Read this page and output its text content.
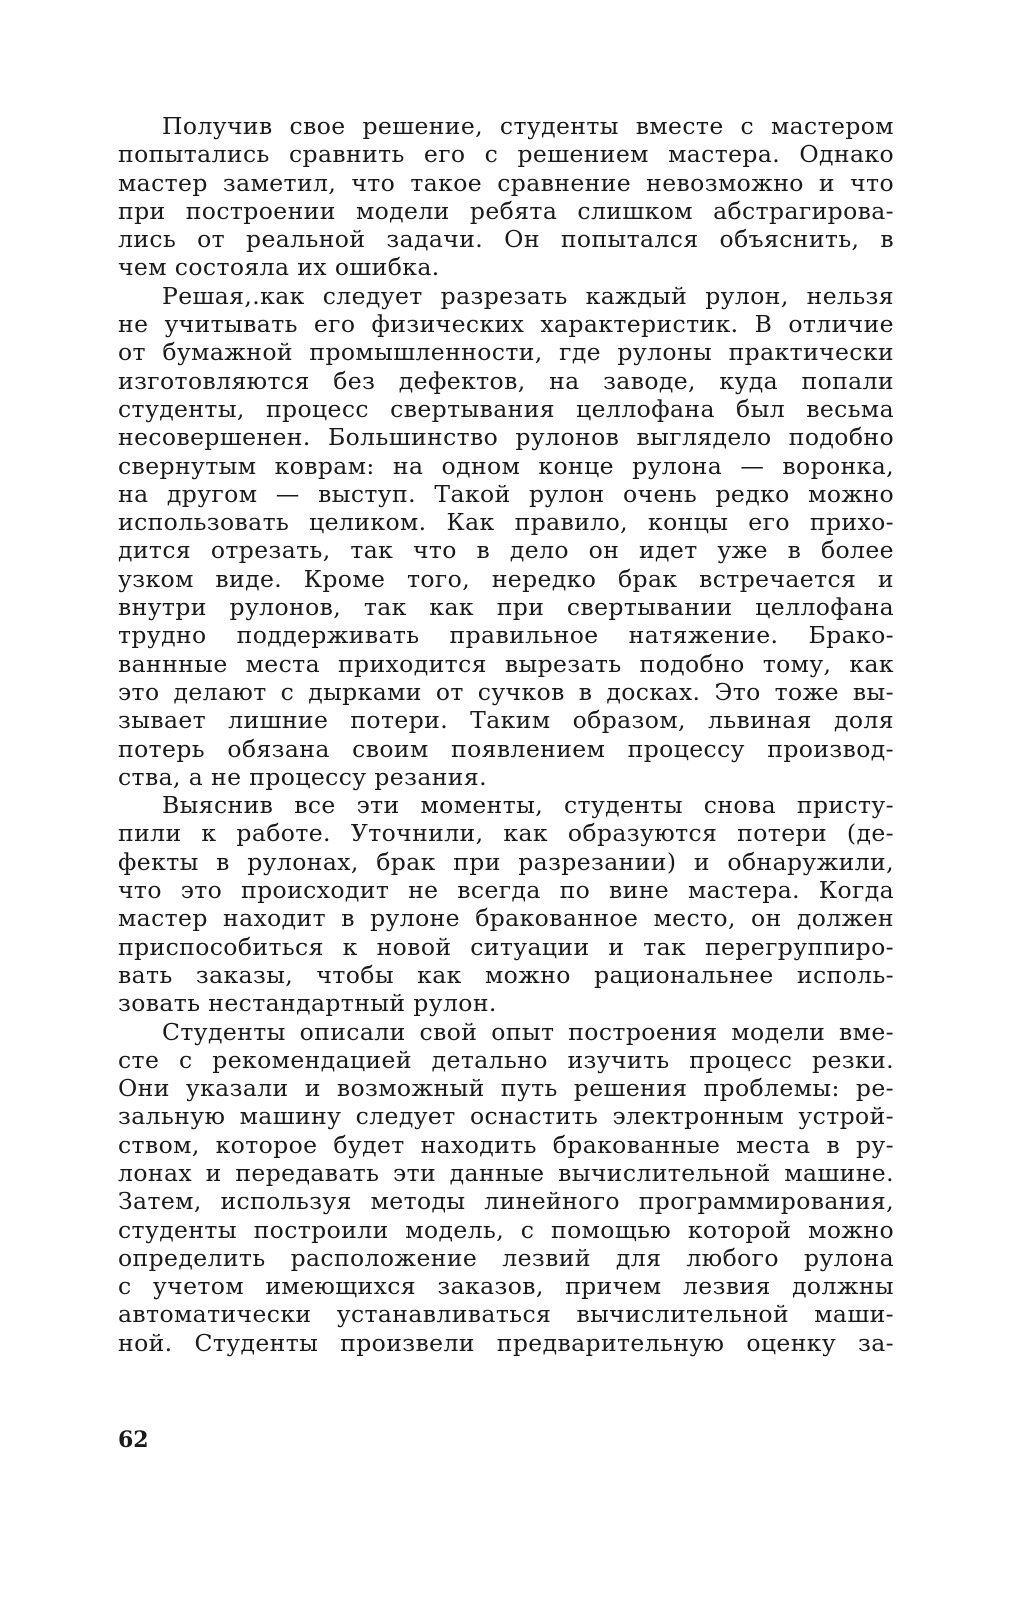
Получив свое решение, студенты вместе с мастером
попытались сравнить его с решением мастера. Однако
мастер заметил, что такое сравнение невозможно и что
при построении модели ребята слишком абстрагирова-
лись от реальной задачи. Он попытался объяснить, в
чем состояла их ошибка.
Решая,.как следует разрезать каждый рулон, нельзя
не учитывать его физических характеристик. В отличие
от бумажной промышленности, где рулоны практически
изготовляются без дефектов, на заводе, куда попали
студенты, процесс свертывания целлофана был весьма
несовершенен. Большинство рулонов выглядело подобно
свернутым коврам: на одном конце рулона — воронка,
на другом — выступ. Такой рулон очень редко можно
использовать целиком. Как правило, концы его прихо-
дится отрезать, так что в дело он идет уже в более
узком виде. Кроме того, нередко брак встречается и
внутри рулонов, так как при свертывании целлофана
трудно поддерживать правильное натяжение. Брако-
ваннные места приходится вырезать подобно тому, как
это делают с дырками от сучков в досках. Это тоже вы-
зывает лишние потери. Таким образом, львиная доля
потерь обязана своим появлением процессу производ-
ства, а не процессу резания.
Выяснив все эти моменты, студенты снова присту-
пили к работе. Уточнили, как образуются потери (де-
фекты в рулонах, брак при разрезании) и обнаружили,
что это происходит не всегда по вине мастера. Когда
мастер находит в рулоне бракованное место, он должен
приспособиться к новой ситуации и так перегруппиро-
вать заказы, чтобы как можно рациональнее исполь-
зовать нестандартный рулон.
Студенты описали свой опыт построения модели вме-
сте с рекомендацией детально изучить процесс резки.
Они указали и возможный путь решения проблемы: ре-
зальную машину следует оснастить электронным устрой-
ством, которое будет находить бракованные места в ру-
лонах и передавать эти данные вычислительной машине.
Затем, используя методы линейного программирования,
студенты построили модель, с помощью которой можно
определить расположение лезвий для любого рулона
с учетом имеющихся заказов, причем лезвия должны
автоматически устанавливаться вычислительной маши-
ной. Студенты произвели предварительную оценку за-
62
